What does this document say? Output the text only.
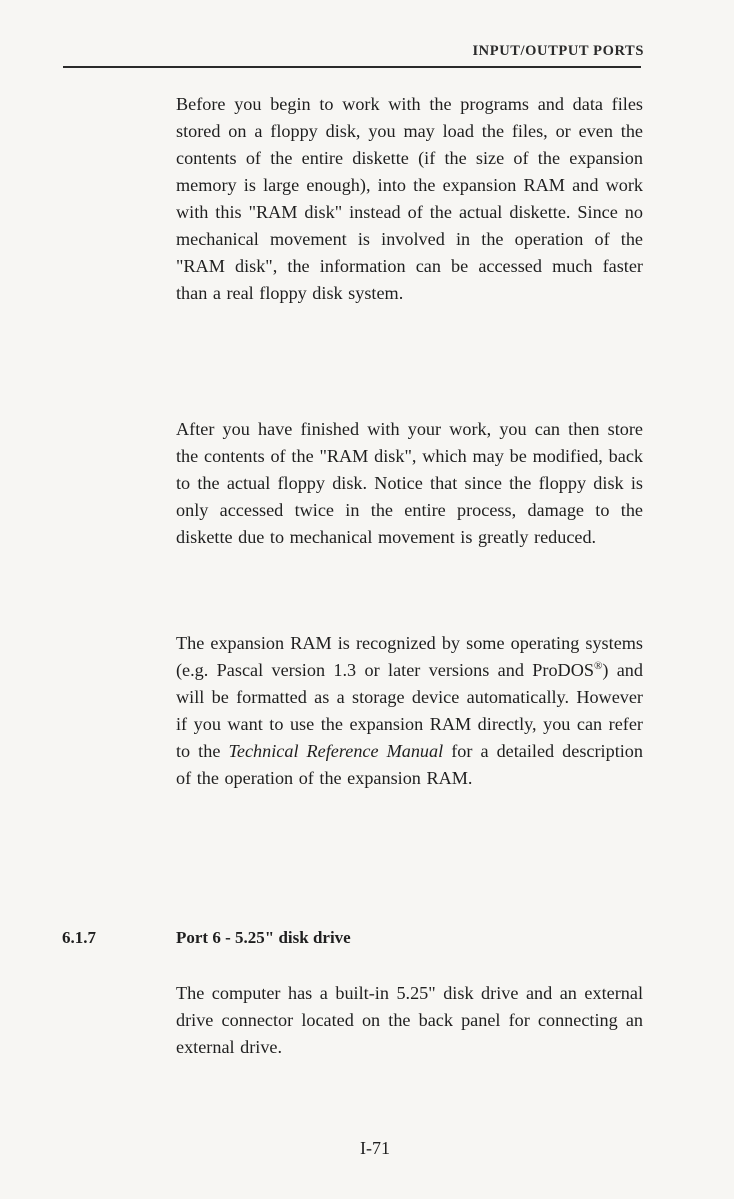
INPUT/OUTPUT PORTS
Before you begin to work with the programs and data files stored on a floppy disk, you may load the files, or even the contents of the entire diskette (if the size of the expansion memory is large enough), into the expansion RAM and work with this "RAM disk" instead of the actual diskette. Since no mechanical movement is involved in the operation of the "RAM disk", the information can be accessed much faster than a real floppy disk system.
After you have finished with your work, you can then store the contents of the "RAM disk", which may be modified, back to the actual floppy disk. Notice that since the floppy disk is only accessed twice in the entire process, damage to the diskette due to mechanical movement is greatly reduced.
The expansion RAM is recognized by some operating systems (e.g. Pascal version 1.3 or later versions and ProDOS®) and will be formatted as a storage device automatically. However if you want to use the expansion RAM directly, you can refer to the Technical Reference Manual for a detailed description of the operation of the expansion RAM.
6.1.7	Port 6 - 5.25" disk drive
The computer has a built-in 5.25" disk drive and an external drive connector located on the back panel for connecting an external drive.
I-71
